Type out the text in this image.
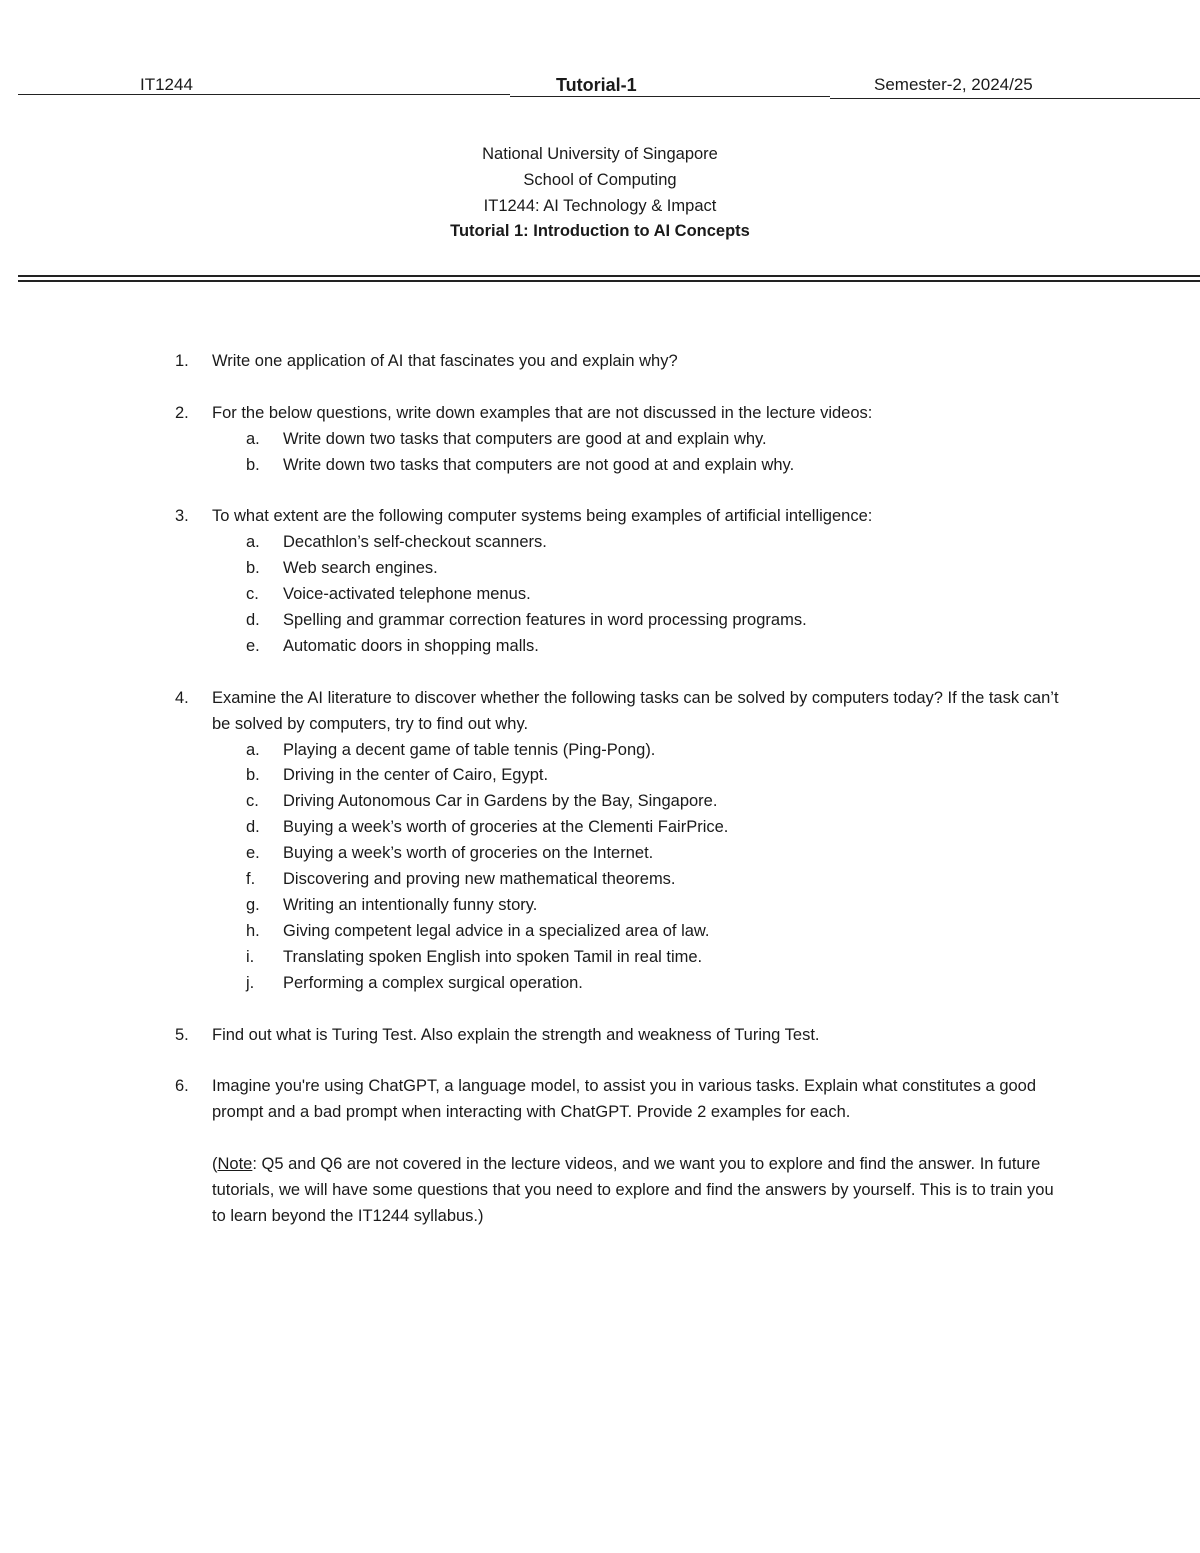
IT1244	Tutorial-1	Semester-2, 2024/25
National University of Singapore
School of Computing
IT1244: AI Technology & Impact
Tutorial 1: Introduction to AI Concepts
1.	Write one application of AI that fascinates you and explain why?
2.	For the below questions, write down examples that are not discussed in the lecture videos:
a.	Write down two tasks that computers are good at and explain why.
b.	Write down two tasks that computers are not good at and explain why.
3.	To what extent are the following computer systems being examples of artificial intelligence:
a.	Decathlon’s self-checkout scanners.
b.	Web search engines.
c.	Voice-activated telephone menus.
d.	Spelling and grammar correction features in word processing programs.
e.	Automatic doors in shopping malls.
4.	Examine the AI literature to discover whether the following tasks can be solved by computers today? If the task can’t be solved by computers, try to find out why.
a.	Playing a decent game of table tennis (Ping-Pong).
b.	Driving in the center of Cairo, Egypt.
c.	Driving Autonomous Car in Gardens by the Bay, Singapore.
d.	Buying a week’s worth of groceries at the Clementi FairPrice.
e.	Buying a week’s worth of groceries on the Internet.
f.	Discovering and proving new mathematical theorems.
g.	Writing an intentionally funny story.
h.	Giving competent legal advice in a specialized area of law.
i.	Translating spoken English into spoken Tamil in real time.
j.	Performing a complex surgical operation.
5.	Find out what is Turing Test. Also explain the strength and weakness of Turing Test.
6.	Imagine you're using ChatGPT, a language model, to assist you in various tasks. Explain what constitutes a good prompt and a bad prompt when interacting with ChatGPT. Provide 2 examples for each.
(Note: Q5 and Q6 are not covered in the lecture videos, and we want you to explore and find the answer. In future tutorials, we will have some questions that you need to explore and find the answers by yourself. This is to train you to learn beyond the IT1244 syllabus.)
